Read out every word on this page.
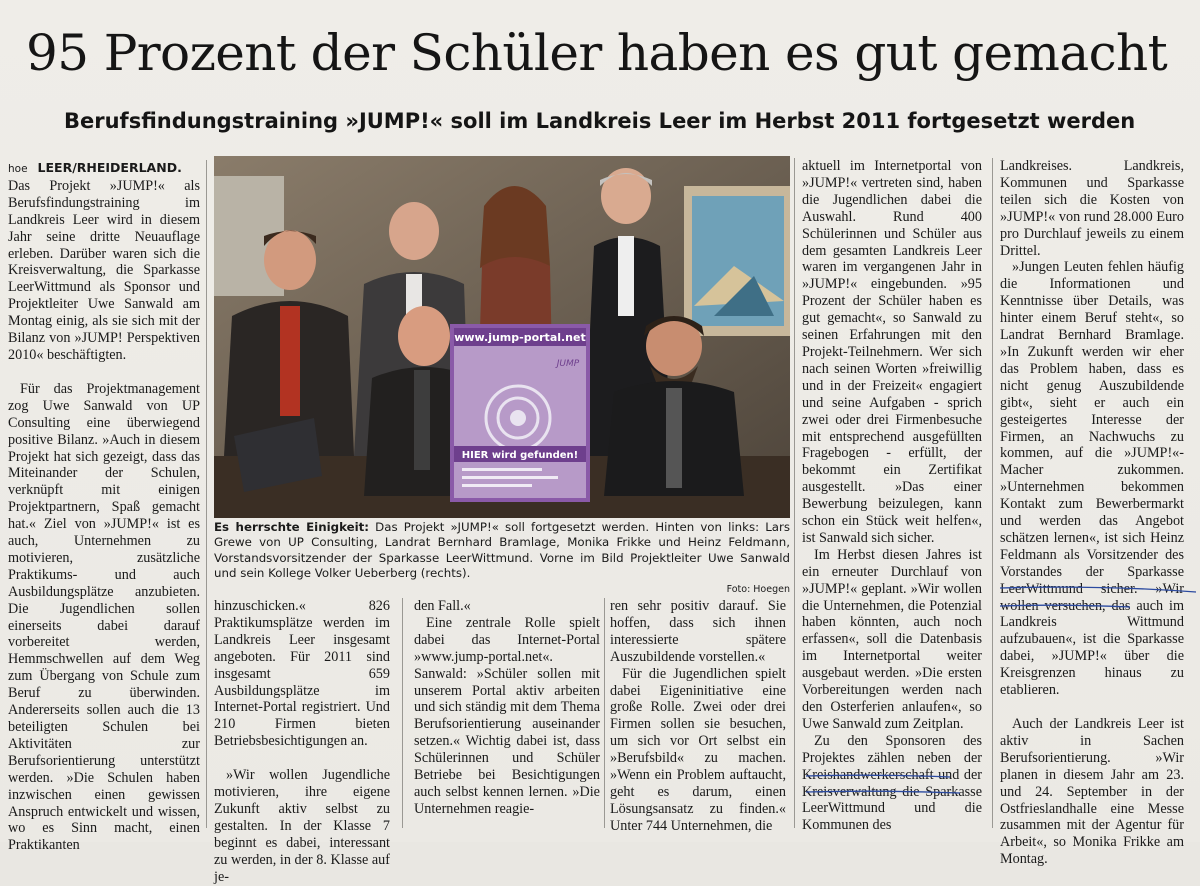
95 Prozent der Schüler haben es gut gemacht
Berufsfindungstraining »JUMP!« soll im Landkreis Leer im Herbst 2011 fortgesetzt werden

hoe LEER/RHEIDERLAND.

Das Projekt »JUMP!« als Berufsfindungstraining im Landkreis Leer wird in diesem Jahr seine dritte Neuauflage erleben. Darüber waren sich die Kreisverwaltung, die Sparkasse LeerWittmund als Sponsor und Projektleiter Uwe Sanwald am Montag einig, als sie sich mit der Bilanz von »JUMP! Perspektiven 2010« beschäftigten.

Für das Projektmanagement zog Uwe Sanwald von UP Consulting eine überwiegend positive Bilanz. »Auch in diesem Projekt hat sich gezeigt, dass das Miteinander der Schulen, verknüpft mit einigen Projektpartnern, Spaß gemacht hat.« Ziel von »JUMP!« ist es auch, Unternehmen zu motivieren, zusätzliche Praktikums- und auch Ausbildungsplätze anzubieten. Die Jugendlichen sollen einerseits dabei darauf vorbereitet werden, Hemmschwellen auf dem Weg zum Übergang von Schule zum Beruf zu überwinden. Andererseits sollen auch die 13 beteiligten Schulen bei Aktivitäten zur Berufsorientierung unterstützt werden. »Die Schulen haben inzwischen einen gewissen Anspruch entwickelt und wissen, wo es Sinn macht, einen Praktikanten

www.jump-portal.net
JUMP
HIER wird gefunden!
Es herrschte Einigkeit: Das Projekt »JUMP!« soll fortgesetzt werden. Hinten von links: Lars Grewe von UP Consulting, Landrat Bernhard Bramlage, Monika Frikke und Heinz Feldmann, Vorstandsvorsitzender der Sparkasse LeerWittmund. Vorne im Bild Projektleiter Uwe Sanwald und sein Kollege Volker Ueberberg (rechts).
Foto: Hoegen

hinzuschicken.« 826 Praktikumsplätze werden im Landkreis Leer insgesamt angeboten. Für 2011 sind insgesamt 659 Ausbildungsplätze im Internet-Portal registriert. Und 210 Firmen bieten Betriebsbesichtigungen an.

»Wir wollen Jugendliche motivieren, ihre eigene Zukunft aktiv selbst zu gestalten. In der Klasse 7 beginnt es dabei, interessant zu werden, in der 8. Klasse auf je-

den Fall.«

Eine zentrale Rolle spielt dabei das Internet-Portal »www.jump-portal.net«. Sanwald: »Schüler sollen mit unserem Portal aktiv arbeiten und sich ständig mit dem Thema Berufsorientierung auseinander setzen.« Wichtig dabei ist, dass Schülerinnen und Schüler Betriebe bei Besichtigungen auch selbst kennen lernen. »Die Unternehmen reagie-

ren sehr positiv darauf. Sie hoffen, dass sich ihnen interessierte spätere Auszubildende vorstellen.«

Für die Jugendlichen spielt dabei Eigeninitiative eine große Rolle. Zwei oder drei Firmen sollen sie besuchen, um sich vor Ort selbst ein »Berufsbild« zu machen. »Wenn ein Problem auftaucht, geht es darum, einen Lösungsansatz zu finden.« Unter 744 Unternehmen, die

aktuell im Internetportal von »JUMP!« vertreten sind, haben die Jugendlichen dabei die Auswahl. Rund 400 Schülerinnen und Schüler aus dem gesamten Landkreis Leer waren im vergangenen Jahr in »JUMP!« eingebunden. »95 Prozent der Schüler haben es gut gemacht«, so Sanwald zu seinen Erfahrungen mit den Projekt-Teilnehmern. Wer sich nach seinen Worten »freiwillig und in der Freizeit« engagiert und seine Aufgaben - sprich zwei oder drei Firmenbesuche mit entsprechend ausgefüllten Fragebogen - erfüllt, der bekommt ein Zertifikat ausgestellt. »Das einer Bewerbung beizulegen, kann schon ein Stück weit helfen«, ist Sanwald sich sicher.

Im Herbst diesen Jahres ist ein erneuter Durchlauf von »JUMP!« geplant. »Wir wollen die Unternehmen, die Potenzial haben könnten, auch noch erfassen«, soll die Datenbasis im Internetportal weiter ausgebaut werden. »Die ersten Vorbereitungen werden nach den Osterferien anlaufen«, so Uwe Sanwald zum Zeitplan.

Zu den Sponsoren des Projektes zählen neben der Kreishandwerkerschaft und der Kreisverwaltung die Sparkasse LeerWittmund und die Kommunen des

Landkreises. Landkreis, Kommunen und Sparkasse teilen sich die Kosten von »JUMP!« von rund 28.000 Euro pro Durchlauf jeweils zu einem Drittel.

»Jungen Leuten fehlen häufig die Informationen und Kenntnisse über Details, was hinter einem Beruf steht«, so Landrat Bernhard Bramlage. »In Zukunft werden wir eher das Problem haben, dass es nicht genug Auszubildende gibt«, sieht er auch ein gesteigertes Interesse der Firmen, an Nachwuchs zu kommen, auf die »JUMP!«-Macher zukommen. »Unternehmen bekommen Kontakt zum Bewerbermarkt und werden das Angebot schätzen lernen«, ist sich Heinz Feldmann als Vorsitzender des Vorstandes der Sparkasse LeerWittmund sicher. »Wir wollen versuchen, das auch im Landkreis Wittmund aufzubauen«, ist die Sparkasse dabei, »JUMP!« über die Kreisgrenzen hinaus zu etablieren.

Auch der Landkreis Leer ist aktiv in Sachen Berufsorientierung. »Wir planen in diesem Jahr am 23. und 24. September in der Ostfrieslandhalle eine Messe zusammen mit der Agentur für Arbeit«, so Monika Frikke am Montag.
